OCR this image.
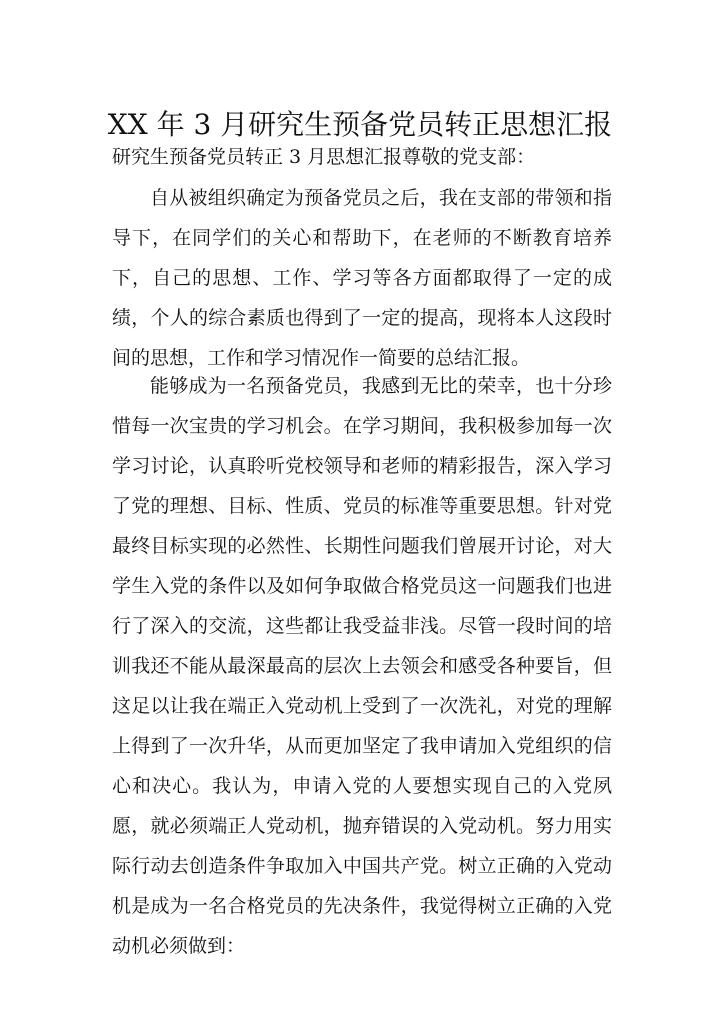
XX 年 3 月研究生预备党员转正思想汇报
研究生预备党员转正 3 月思想汇报尊敬的党支部：

自从被组织确定为预备党员之后，我在支部的带领和指导下，在同学们的关心和帮助下，在老师的不断教育培养下，自己的思想、工作、学习等各方面都取得了一定的成绩，个人的综合素质也得到了一定的提高，现将本人这段时间的思想，工作和学习情况作一简要的总结汇报。

能够成为一名预备党员，我感到无比的荣幸，也十分珍惜每一次宝贵的学习机会。在学习期间，我积极参加每一次学习讨论，认真聆听党校领导和老师的精彩报告，深入学习了党的理想、目标、性质、党员的标准等重要思想。针对党最终目标实现的必然性、长期性问题我们曾展开讨论，对大学生入党的条件以及如何争取做合格党员这一问题我们也进行了深入的交流，这些都让我受益非浅。尽管一段时间的培训我还不能从最深最高的层次上去领会和感受各种要旨，但这足以让我在端正入党动机上受到了一次洗礼，对党的理解上得到了一次升华，从而更加坚定了我申请加入党组织的信心和决心。我认为，申请入党的人要想实现自己的入党夙愿，就必须端正人党动机，抛弃错误的入党动机。努力用实际行动去创造条件争取加入中国共产党。树立正确的入党动机是成为一名合格党员的先决条件，我觉得树立正确的入党动机必须做到：
